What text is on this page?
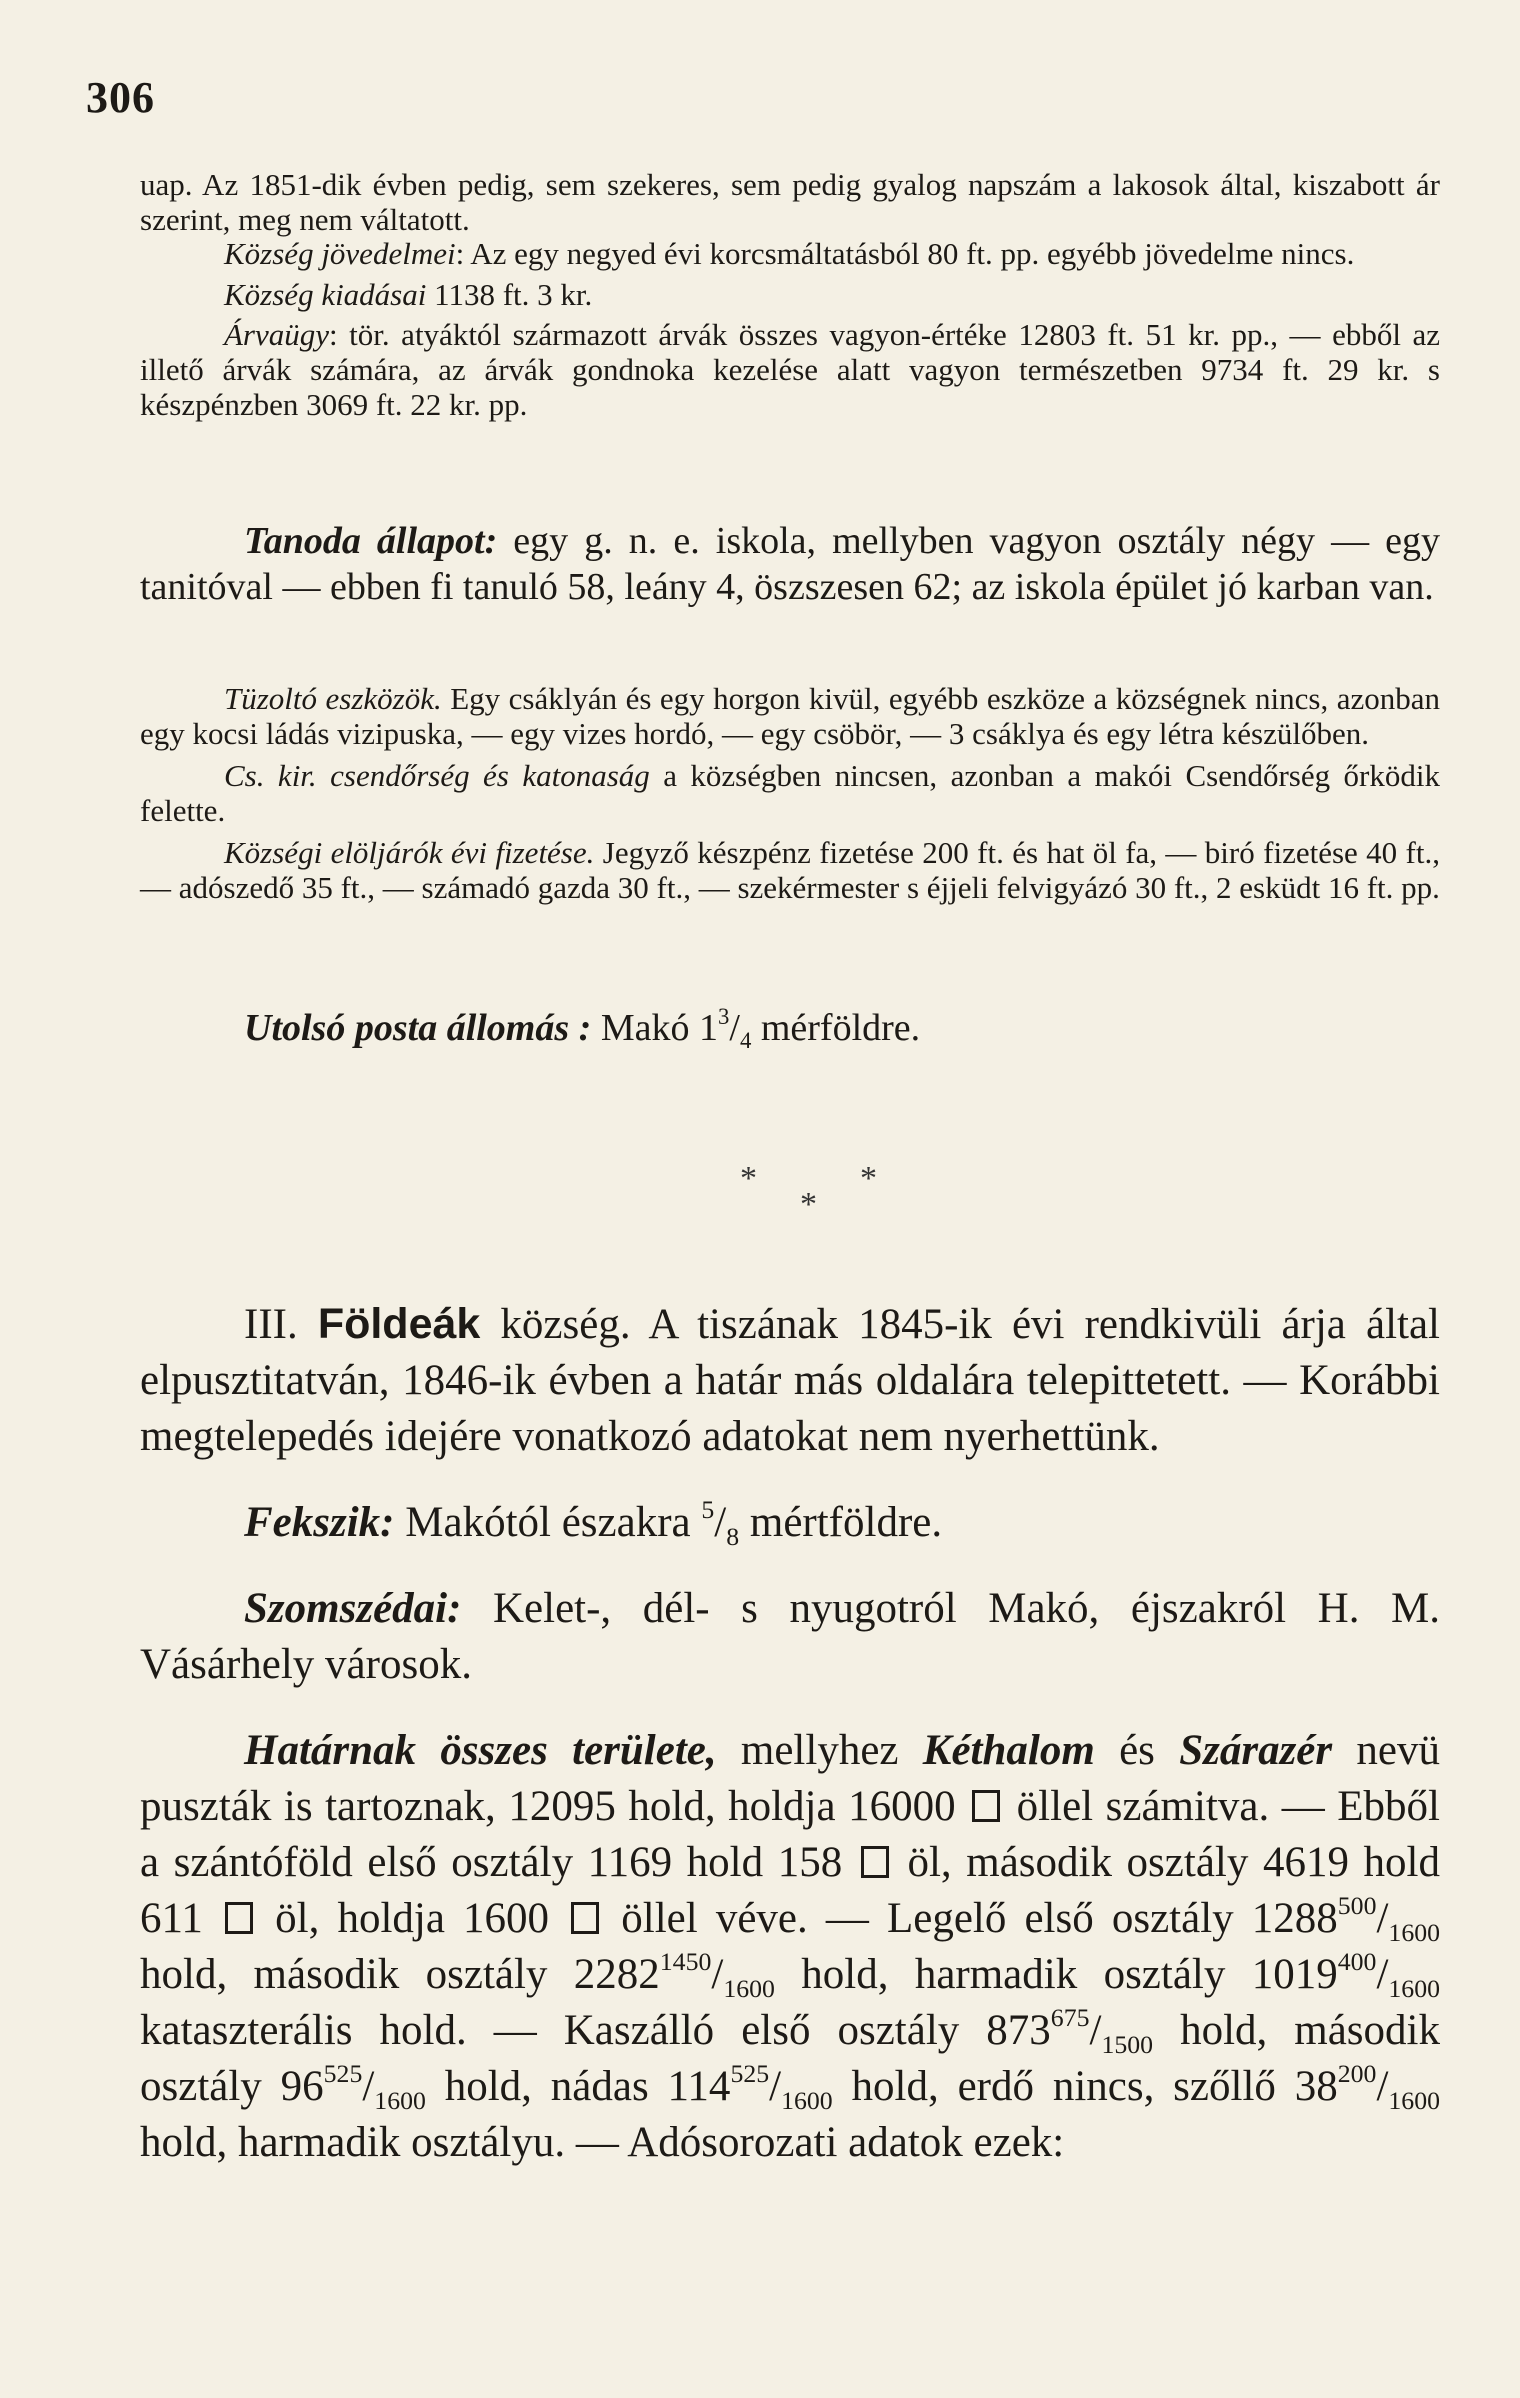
306

uap. Az 1851-dik évben pedig, sem szekeres, sem pedig gyalog napszám a lakosok által, kiszabott ár szerint, meg nem váltatott.

Község jövedelmei: Az egy negyed évi korcsmáltatásból 80 ft. pp. egyébb jövedelme nincs.

Község kiadásai 1138 ft. 3 kr.

Árvaügy: tör. atyáktól származott árvák összes vagyon-értéke 12803 ft. 51 kr. pp., — ebből az illető árvák számára, az árvák gondnoka kezelése alatt vagyon természetben 9734 ft. 29 kr. s készpénzben 3069 ft. 22 kr. pp.

Tanoda állapot: egy g. n. e. iskola, mellyben vagyon osztály négy — egy tanitóval — ebben fi tanuló 58, leány 4, öszszesen 62; az iskola épület jó karban van.

Tüzoltó eszközök. Egy csáklyán és egy horgon kivül, egyébb eszköze a községnek nincs, azonban egy kocsi ládás vizipuska, — egy vizes hordó, — egy csöbör, — 3 csáklya és egy létra készülőben.

Cs. kir. csendőrség és katonaság a községben nincsen, azonban a makói Csendőrség őrködik felette.

Községi elöljárók évi fizetése. Jegyző készpénz fizetése 200 ft. és hat öl fa, — biró fizetése 40 ft., — adószedő 35 ft., — számadó gazda 30 ft., — szekérmester s éjjeli felvigyázó 30 ft., 2 esküdt 16 ft. pp.

Utolsó posta állomás : Makó $1^3/_4$ mérföldre.

*	*
*

III. Földeák község. A tiszának 1845-ik évi rendkivüli árja által elpusztitatván, 1846-ik évben a határ más oldalára telepittetett. — Korábbi megtelepedés idejére vonatkozó adatokat nem nyerhettünk.

Fekszik: Makótól északra $^5/_8$ mértföldre.

Szomszédai: Kelet-, dél- s nyugotról Makó, éjszakról H. M. Vásárhely városok.

Határnak összes területe, mellyhez Kéthalom és Szárazér nevü puszták is tartoznak, 12095 hold, holdja 16000  öllel számitva. — Ebből a szántóföld első osztály 1169 hold 158  öl, második osztály 4619 hold 611  öl, holdja 1600  öllel véve. — Legelő első osztály $1288^{500}/_{1600}$ hold, második osztály $2282^{1450}/_{1600}$ hold, harmadik osztály $1019^{400}/_{1600}$ kataszterális hold. — Kaszálló első osztály $873^{675}/_{1500}$ hold, második osztály $96^{525}/_{1600}$ hold, nádas $114^{525}/_{1600}$ hold, erdő nincs, szőllő $38^{200}/_{1600}$ hold, harmadik osztályu. — Adósorozati adatok ezek:
